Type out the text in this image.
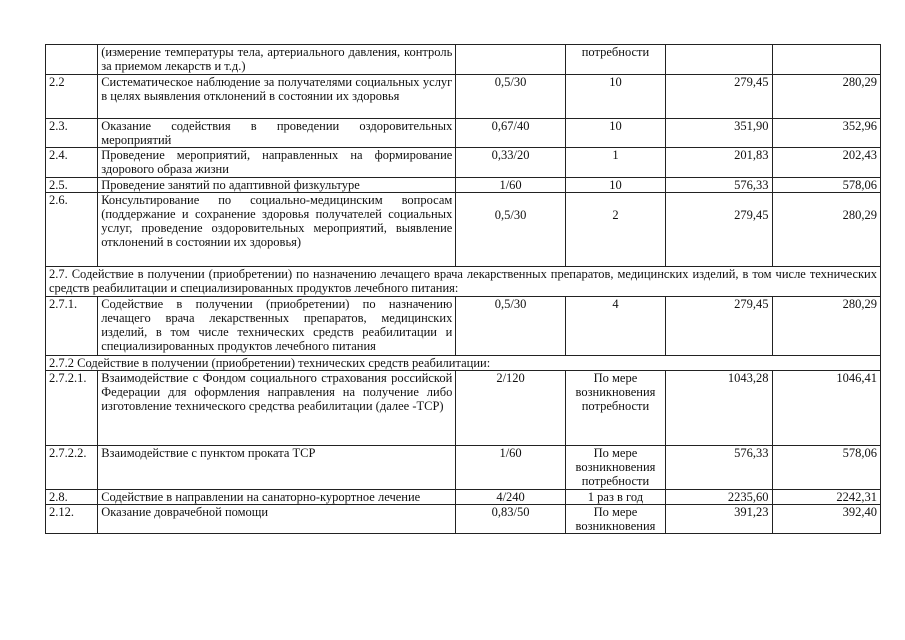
	(измерение температуры тела, артериального давления, контроль за приемом лекарств и т.д.)		потребности		
2.2	Систематическое наблюдение за получателями социальных услуг в целях выявления отклонений в состоянии их здоровья	0,5/30	10	279,45	280,29
2.3.	Оказание содействия в проведении оздоровительных мероприятий	0,67/40	10	351,90	352,96
2.4.	Проведение мероприятий, направленных на формирование здорового образа жизни	0,33/20	1	201,83	202,43
2.5.	Проведение занятий по адаптивной физкультуре	1/60	10	576,33	578,06
2.6.	Консультирование по социально-медицинским вопросам (поддержание и сохранение здоровья получателей социальных услуг, проведение оздоровительных мероприятий, выявление отклонений в состоянии их здоровья)	0,5/30	2	279,45	280,29
2.7. Содействие в получении (приобретении) по назначению лечащего врача лекарственных препаратов, медицинских изделий, в том числе технических средств реабилитации и специализированных продуктов лечебного питания:					
2.7.1.	Содействие в получении (приобретении) по назначению лечащего врача лекарственных препаратов, медицинских изделий, в том числе технических средств реабилитации и специализированных продуктов лечебного питания	0,5/30	4	279,45	280,29
2.7.2 Содействие в получении (приобретении) технических средств реабилитации:					
2.7.2.1.	Взаимодействие с Фондом социального страхования российской Федерации для оформления направления на получение либо изготовление технического средства реабилитации (далее -ТСР)	2/120	По мере возникновения потребности	1043,28	1046,41
2.7.2.2.	Взаимодействие с пунктом проката ТСР	1/60	По мере возникновения потребности	576,33	578,06
2.8.	Содействие в направлении на санаторно-курортное лечение	4/240	1 раз в год	2235,60	2242,31
2.12.	Оказание доврачебной помощи	0,83/50	По мере возникновения	391,23	392,40
